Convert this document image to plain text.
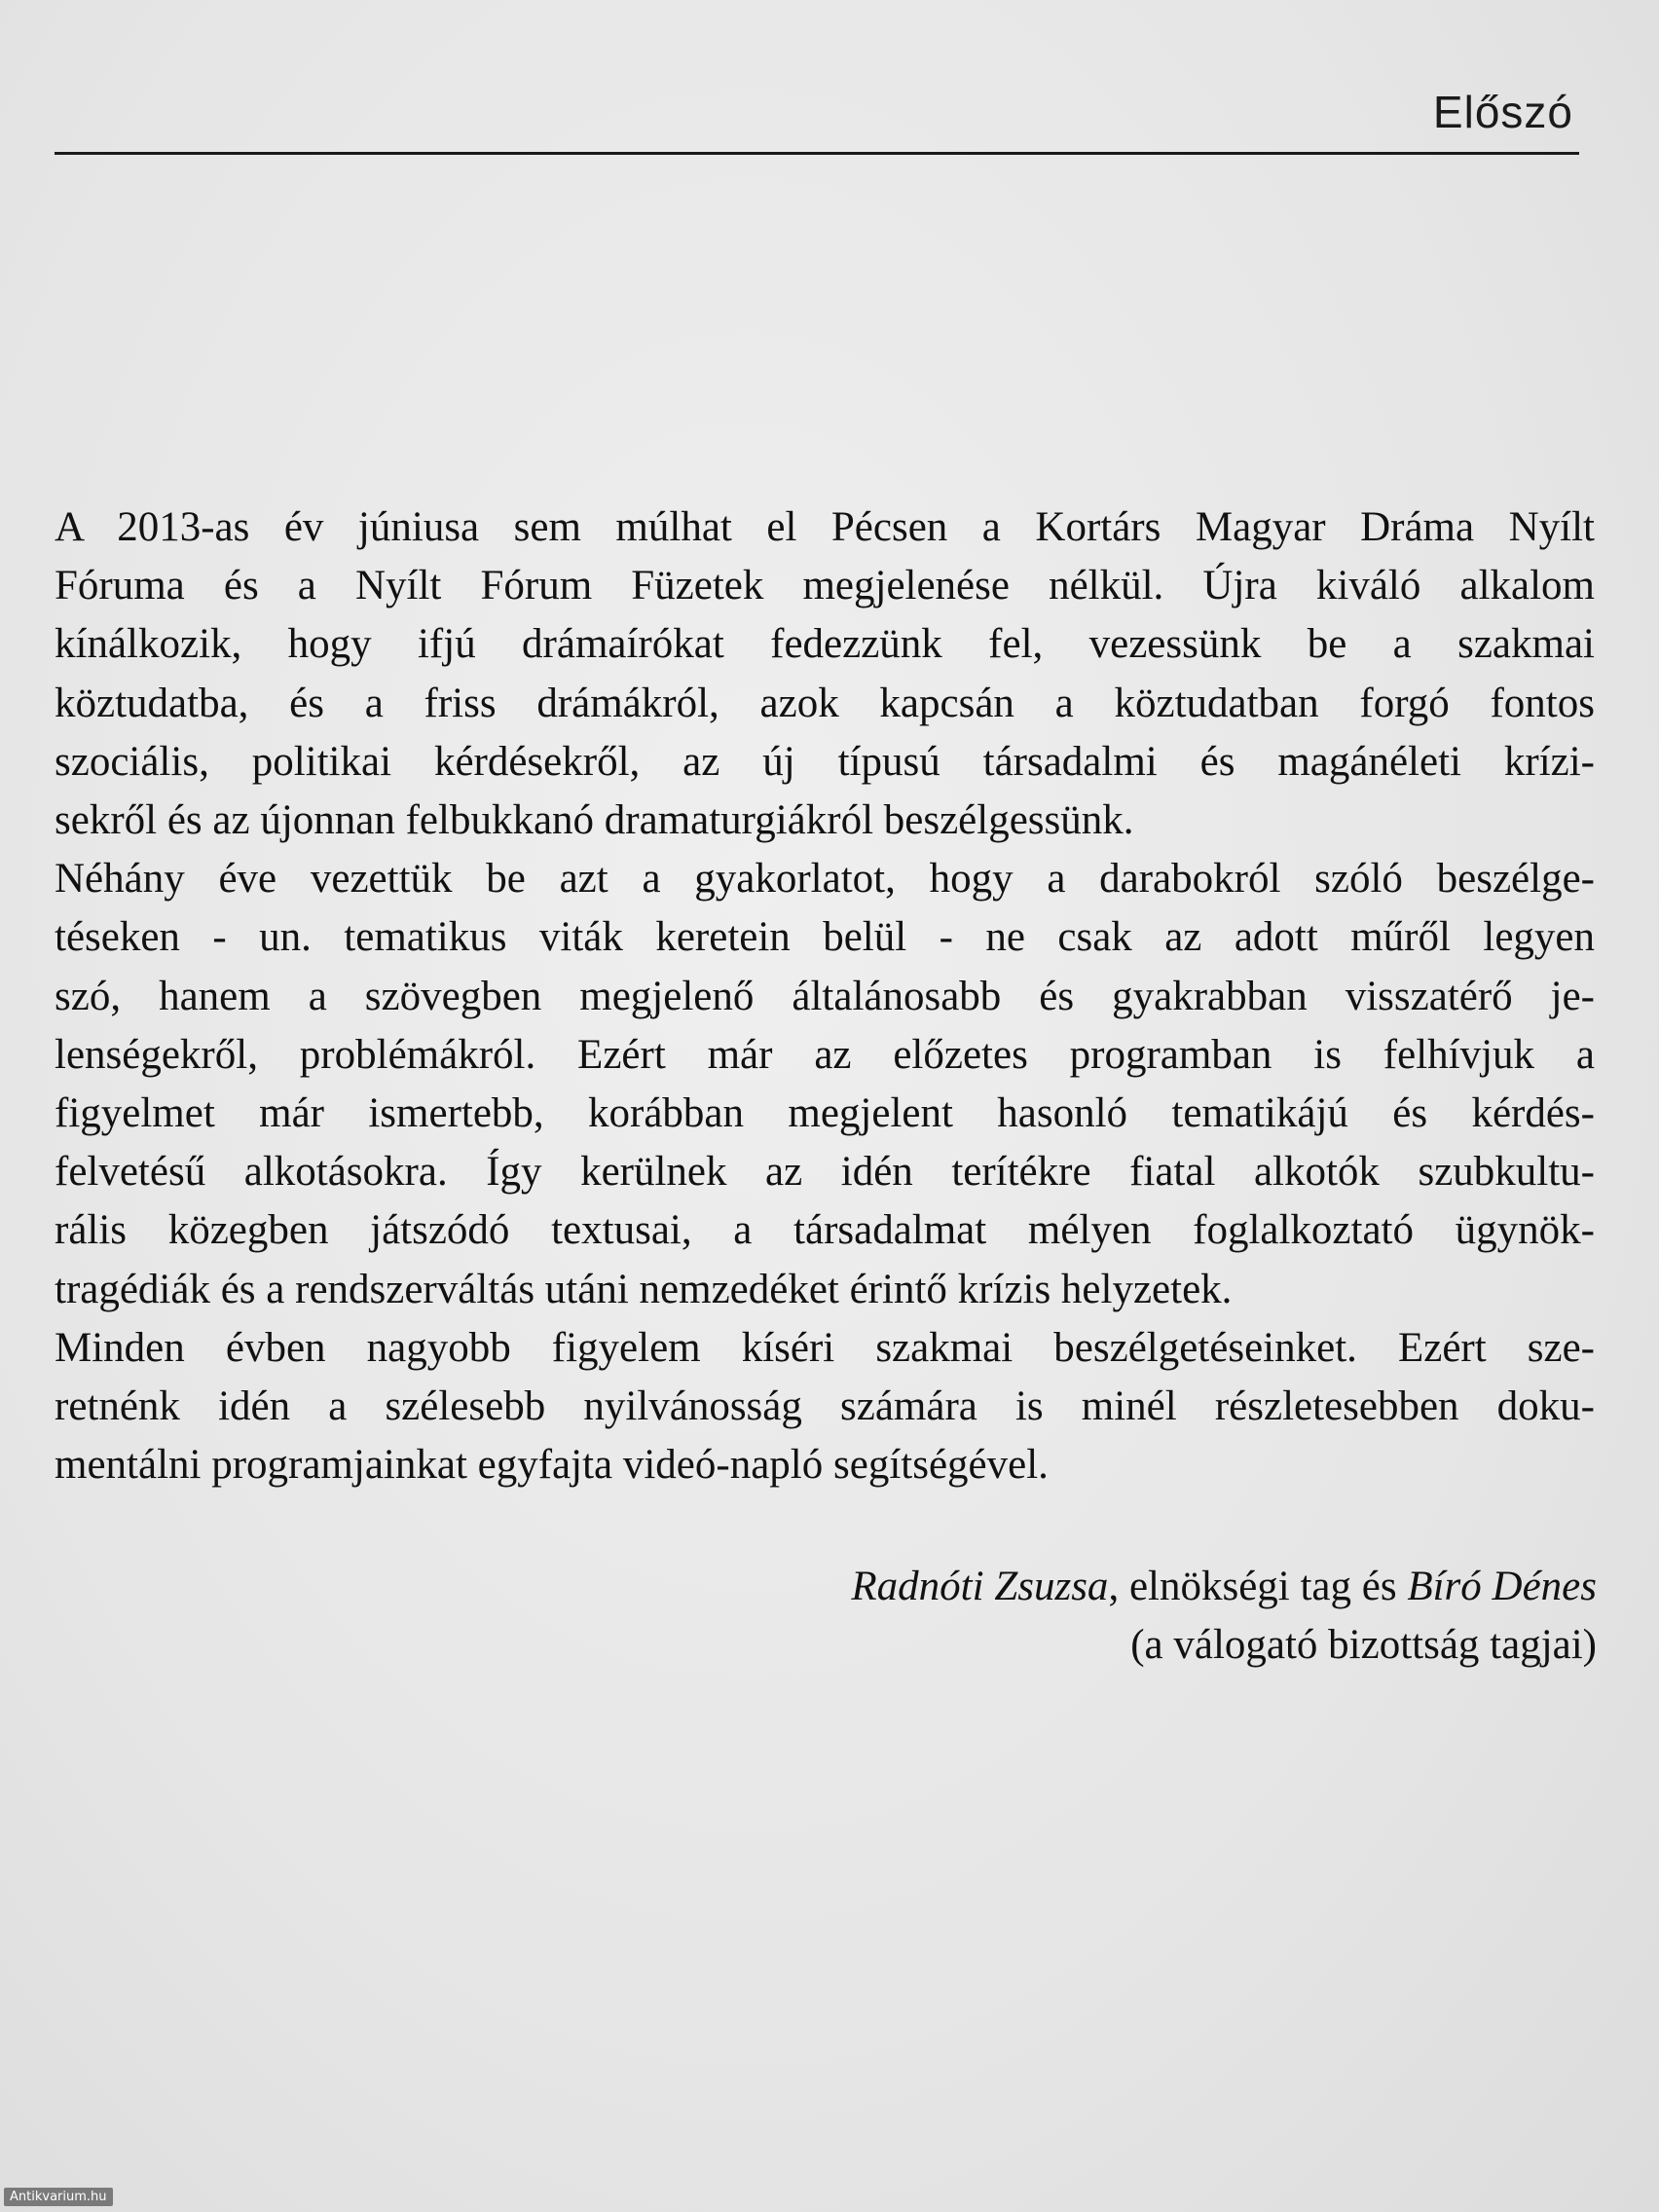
Előszó

A 2013-as év júniusa sem múlhat el Pécsen a Kortárs Magyar Dráma Nyílt
Fóruma és a Nyílt Fórum Füzetek megjelenése nélkül. Újra kiváló alkalom
kínálkozik, hogy ifjú drámaírókat fedezzünk fel, vezessünk be a szakmai
köztudatba, és a friss drámákról, azok kapcsán a köztudatban forgó fontos
szociális, politikai kérdésekről, az új típusú társadalmi és magánéleti krízi-
sekről és az újonnan felbukkanó dramaturgiákról beszélgessünk.

Néhány éve vezettük be azt a gyakorlatot, hogy a darabokról szóló beszélge-
téseken - un. tematikus viták keretein belül - ne csak az adott műről legyen
szó, hanem a szövegben megjelenő általánosabb és gyakrabban visszatérő je-
lenségekről, problémákról. Ezért már az előzetes programban is felhívjuk a
figyelmet már ismertebb, korábban megjelent hasonló tematikájú és kérdés-
felvetésű alkotásokra. Így kerülnek az idén terítékre fiatal alkotók szubkultu-
rális közegben játszódó textusai, a társadalmat mélyen foglalkoztató ügynök-
tragédiák és a rendszerváltás utáni nemzedéket érintő krízis helyzetek.

Minden évben nagyobb figyelem kíséri szakmai beszélgetéseinket. Ezért sze-
retnénk idén a szélesebb nyilvánosság számára is minél részletesebben doku-
mentálni programjainkat egyfajta videó-napló segítségével.

Radnóti Zsuzsa, elnökségi tag és Bíró Dénes
(a válogató bizottság tagjai)
Antikvarium.hu
